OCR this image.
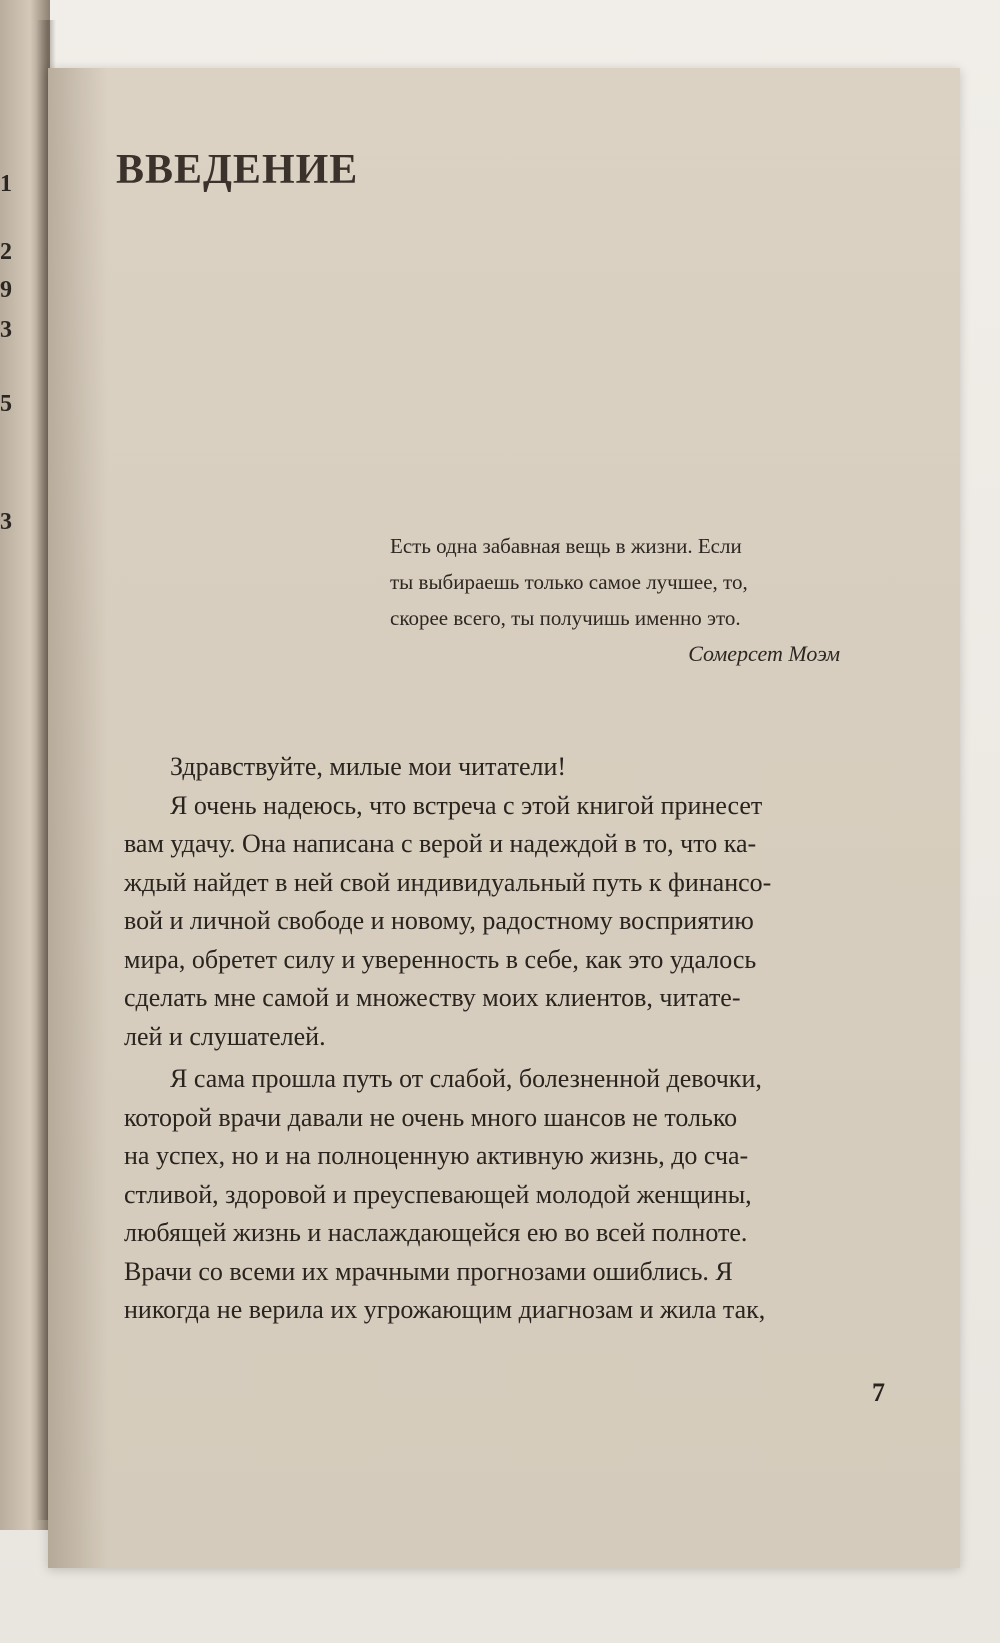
1
2
9
3
5
3
ВВЕДЕНИЕ
Есть одна забавная вещь в жизни. Если
ты выбираешь только самое лучшее, то,
скорее всего, ты получишь именно это.
Сомерсет Моэм
Здравствуйте, милые мои читатели!
Я очень надеюсь, что встреча с этой книгой принесет
вам удачу. Она написана с верой и надеждой в то, что ка-
ждый найдет в ней свой индивидуальный путь к финансо-
вой и личной свободе и новому, радостному восприятию
мира, обретет силу и уверенность в себе, как это удалось
сделать мне самой и множеству моих клиентов, читате-
лей и слушателей.
Я сама прошла путь от слабой, болезненной девочки,
которой врачи давали не очень много шансов не только
на успех, но и на полноценную активную жизнь, до сча-
стливой, здоровой и преуспевающей молодой женщины,
любящей жизнь и наслаждающейся ею во всей полноте.
Врачи со всеми их мрачными прогнозами ошиблись. Я
никогда не верила их угрожающим диагнозам и жила так,
7
